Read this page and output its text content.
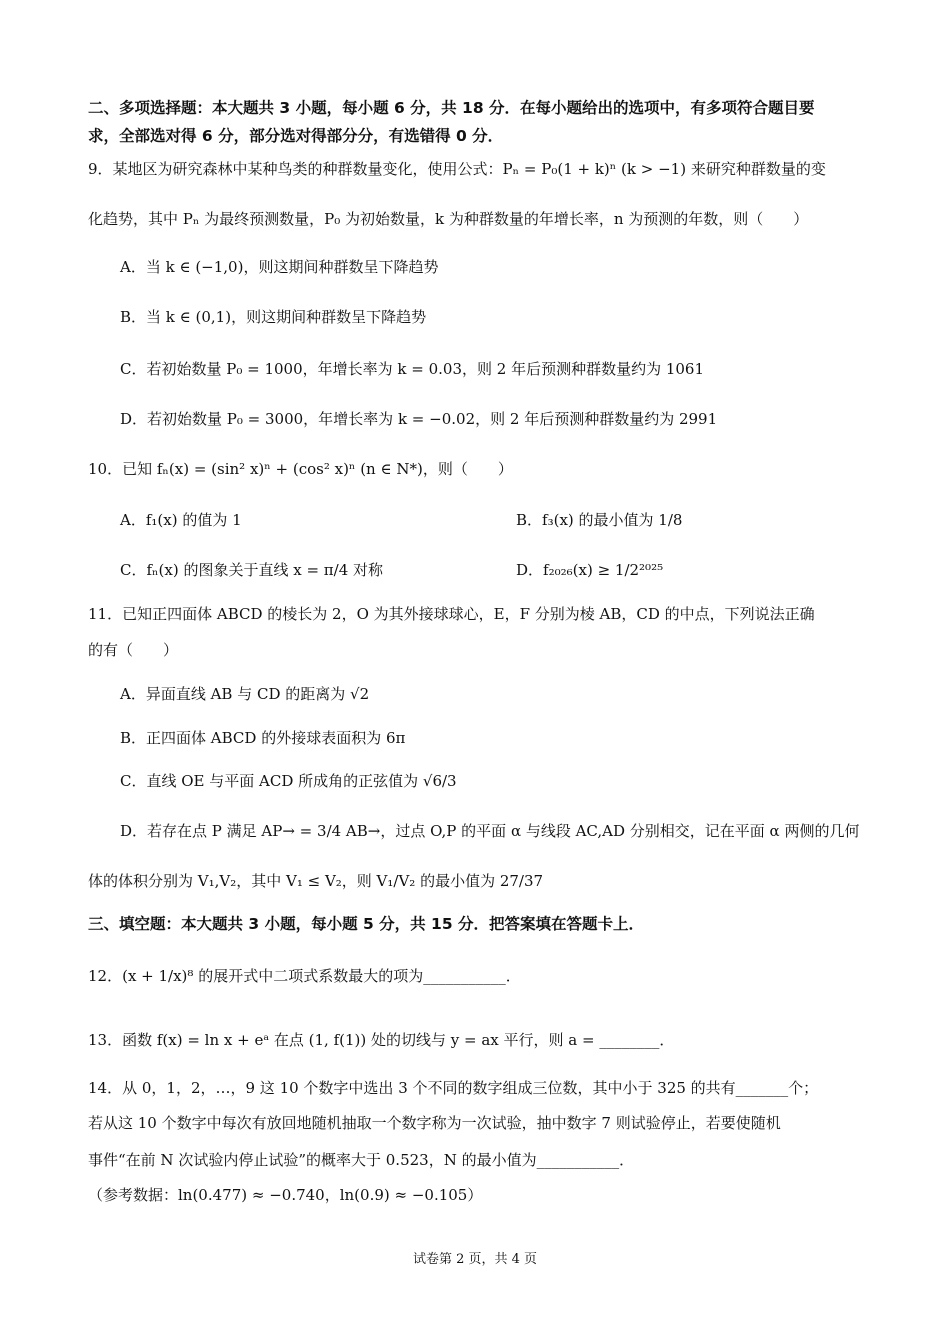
二、多项选择题：本大题共 3 小题，每小题 6 分，共 18 分．在每小题给出的选项中，有多项符合题目要
求，全部选对得 6 分，部分选对得部分分，有选错得 0 分．
9．某地区为研究森林中某种鸟类的种群数量变化，使用公式：Pₙ = P₀(1 + k)ⁿ (k > −1) 来研究种群数量的变
化趋势，其中 Pₙ 为最终预测数量，P₀ 为初始数量，k 为种群数量的年增长率，n 为预测的年数，则（　　）
A．当 k ∈ (−1,0)，则这期间种群数呈下降趋势
B．当 k ∈ (0,1)，则这期间种群数呈下降趋势
C．若初始数量 P₀ = 1000，年增长率为 k = 0.03，则 2 年后预测种群数量约为 1061
D．若初始数量 P₀ = 3000，年增长率为 k = −0.02，则 2 年后预测种群数量约为 2991
10．已知 fₙ(x) = (sin² x)ⁿ + (cos² x)ⁿ (n ∈ N*)，则（　　）
A．f₁(x) 的值为 1	B．f₃(x) 的最小值为 1/8
C．fₙ(x) 的图象关于直线 x = π/4 对称	D．f₂₀₂₆(x) ≥ 1/2²⁰²⁵
11．已知正四面体 ABCD 的棱长为 2，O 为其外接球球心，E，F 分别为棱 AB，CD 的中点，下列说法正确
的有（　　）
A．异面直线 AB 与 CD 的距离为 √2
B．正四面体 ABCD 的外接球表面积为 6π
C．直线 OE 与平面 ACD 所成角的正弦值为 √6/3
D．若存在点 P 满足 AP→ = 3/4 AB→，过点 O,P 的平面 α 与线段 AC,AD 分别相交，记在平面 α 两侧的几何
体的体积分别为 V₁,V₂，其中 V₁ ≤ V₂，则 V₁/V₂ 的最小值为 27/37
三、填空题：本大题共 3 小题，每小题 5 分，共 15 分．把答案填在答题卡上．
12．(x + 1/x)⁸ 的展开式中二项式系数最大的项为___________．
13．函数 f(x) = ln x + eᵃ 在点 (1, f(1)) 处的切线与 y = ax 平行，则 a = ________．
14．从 0，1，2，…，9 这 10 个数字中选出 3 个不同的数字组成三位数，其中小于 325 的共有_______个；
若从这 10 个数字中每次有放回地随机抽取一个数字称为一次试验，抽中数字 7 则试验停止，若要使随机
事件“在前 N 次试验内停止试验”的概率大于 0.523，N 的最小值为___________．
（参考数据：ln(0.477) ≈ −0.740，ln(0.9) ≈ −0.105）
试卷第 2 页，共 4 页
